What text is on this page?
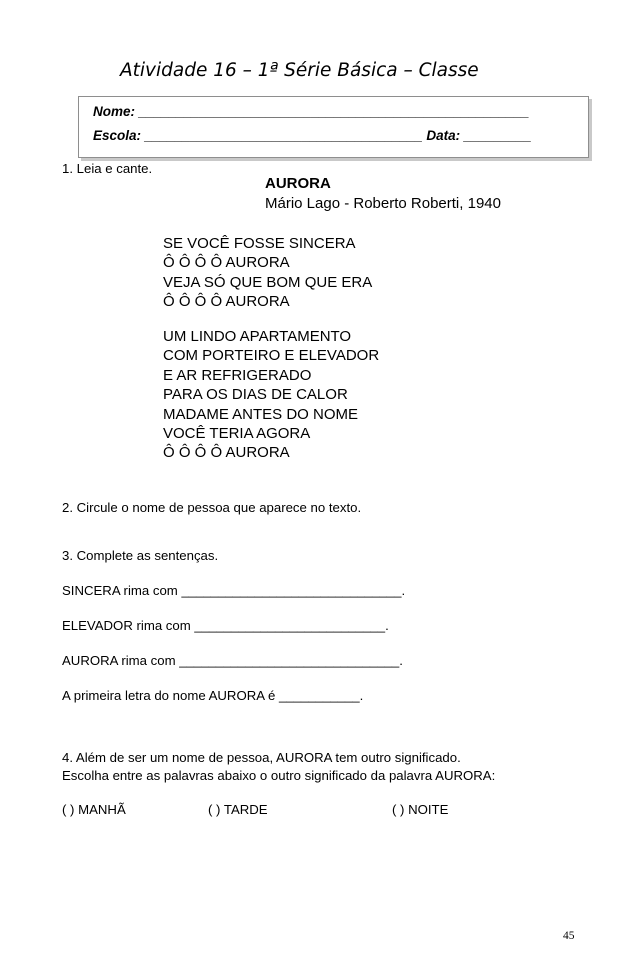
Atividade 16 – 1ª Série Básica – Classe
Nome: ____________________________________________________
Escola: _____________________________________ Data: _________
1. Leia e cante.
AURORA
Mário Lago - Roberto Roberti, 1940
SE VOCÊ FOSSE SINCERA
Ô Ô Ô Ô AURORA
VEJA SÓ QUE BOM QUE ERA
Ô Ô Ô Ô AURORA
UM LINDO APARTAMENTO
COM PORTEIRO E ELEVADOR
E AR REFRIGERADO
PARA OS DIAS DE CALOR
MADAME ANTES DO NOME
VOCÊ TERIA AGORA
Ô Ô Ô Ô AURORA
2. Circule o nome de pessoa que aparece no texto.
3. Complete as sentenças.
SINCERA rima com ______________________________.
ELEVADOR rima com __________________________.
AURORA rima com ______________________________.
A primeira letra do nome AURORA é ___________.
4. Além de ser um nome de pessoa, AURORA tem outro significado.
Escolha entre as palavras abaixo o outro significado da palavra AURORA:
( ) MANHÃ	( ) TARDE	( ) NOITE
45
